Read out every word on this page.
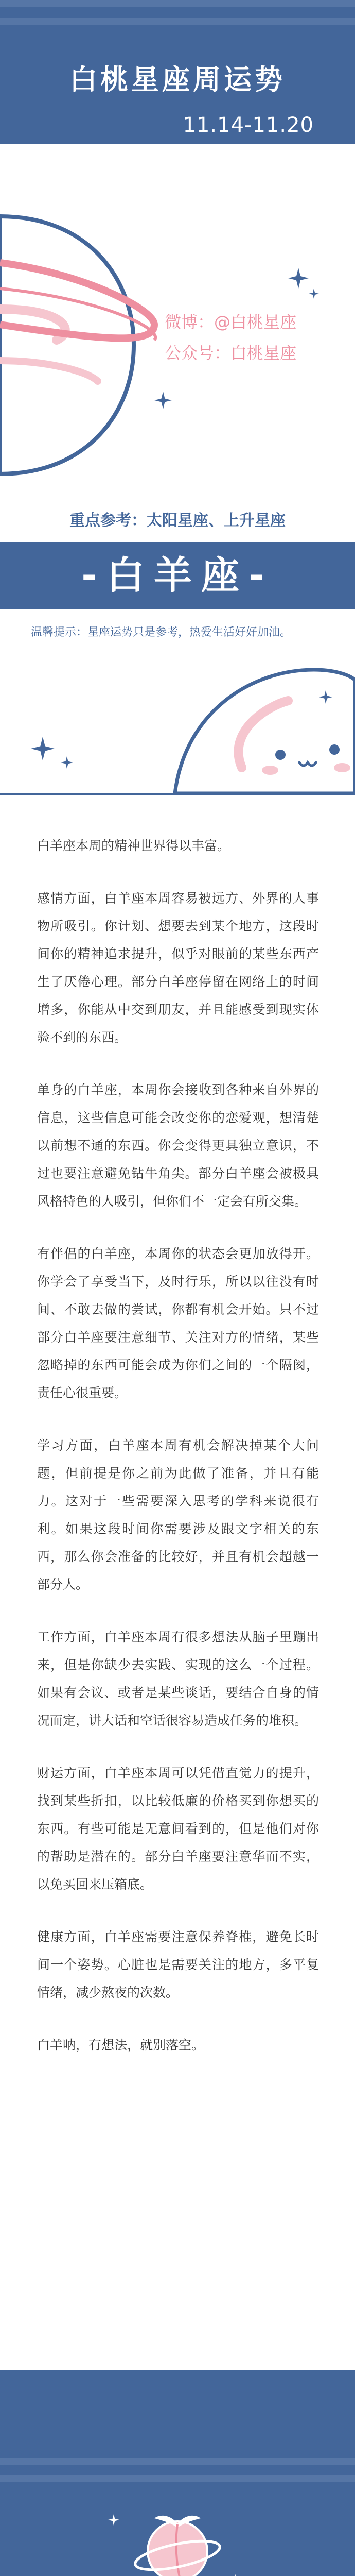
白桃星座周运势
11.14-11.20
微博：@白桃星座
公众号：白桃星座
重点参考：太阳星座、上升星座
-白羊座-
温馨提示：星座运势只是参考，热爱生活好好加油。

白羊座本周的精神世界得以丰富。

感情方面，白羊座本周容易被远方、外界的人事物所吸引。你计划、想要去到某个地方，这段时间你的精神追求提升，似乎对眼前的某些东西产生了厌倦心理。部分白羊座停留在网络上的时间增多，你能从中交到朋友，并且能感受到现实体验不到的东西。

单身的白羊座，本周你会接收到各种来自外界的信息，这些信息可能会改变你的恋爱观，想清楚以前想不通的东西。你会变得更具独立意识，不过也要注意避免钻牛角尖。部分白羊座会被极具风格特色的人吸引，但你们不一定会有所交集。

有伴侣的白羊座，本周你的状态会更加放得开。你学会了享受当下，及时行乐，所以以往没有时间、不敢去做的尝试，你都有机会开始。只不过部分白羊座要注意细节、关注对方的情绪，某些忽略掉的东西可能会成为你们之间的一个隔阂，责任心很重要。

学习方面，白羊座本周有机会解决掉某个大问题，但前提是你之前为此做了准备，并且有能力。这对于一些需要深入思考的学科来说很有利。如果这段时间你需要涉及跟文字相关的东西，那么你会准备的比较好，并且有机会超越一部分人。

工作方面，白羊座本周有很多想法从脑子里蹦出来，但是你缺少去实践、实现的这么一个过程。如果有会议、或者是某些谈话，要结合自身的情况而定，讲大话和空话很容易造成任务的堆积。

财运方面，白羊座本周可以凭借直觉力的提升，找到某些折扣，以比较低廉的价格买到你想买的东西。有些可能是无意间看到的，但是他们对你的帮助是潜在的。部分白羊座要注意华而不实，以免买回来压箱底。

健康方面，白羊座需要注意保养脊椎，避免长时间一个姿势。心脏也是需要关注的地方，多平复情绪，减少熬夜的次数。

白羊呐，有想法，就别落空。
